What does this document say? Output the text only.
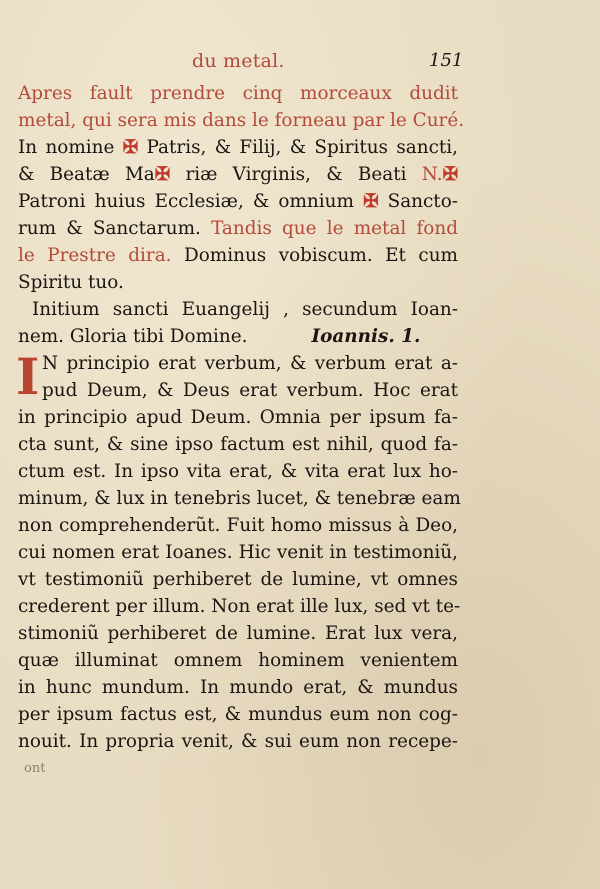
du metal.	151
Apres fault prendre cinq morceaux dudit
metal, qui sera mis dans le forneau par le Curé.
In nomine ✠ Patris, & Filij, & Spiritus sancti,
& Beatæ Ma✠ riæ Virginis, & Beati N.✠
Patroni huius Ecclesiæ, & omnium ✠ Sancto-
rum & Sanctarum. Tandis que le metal fond
le Prestre dira. Dominus vobiscum. Et cum
Spiritu tuo.
Initium sancti Euangelij , secundum Ioan-
nem. Gloria tibi Domine.	Ioannis. 1.
I N principio erat verbum, & verbum erat a-
pud Deum, & Deus erat verbum. Hoc erat
in principio apud Deum. Omnia per ipsum fa-
cta sunt, & sine ipso factum est nihil, quod fa-
ctum est. In ipso vita erat, & vita erat lux ho-
minum, & lux in tenebris lucet, & tenebræ eam
non comprehenderũt. Fuit homo missus à Deo,
cui nomen erat Ioanes. Hic venit in testimoniũ,
vt testimoniũ perhiberet de lumine, vt omnes
crederent per illum. Non erat ille lux, sed vt te-
stimoniũ perhiberet de lumine. Erat lux vera,
quæ illuminat omnem hominem venientem
in hunc mundum. In mundo erat, & mundus
per ipsum factus est, & mundus eum non cog-
nouit. In propria venit, & sui eum non recepe-
ont
